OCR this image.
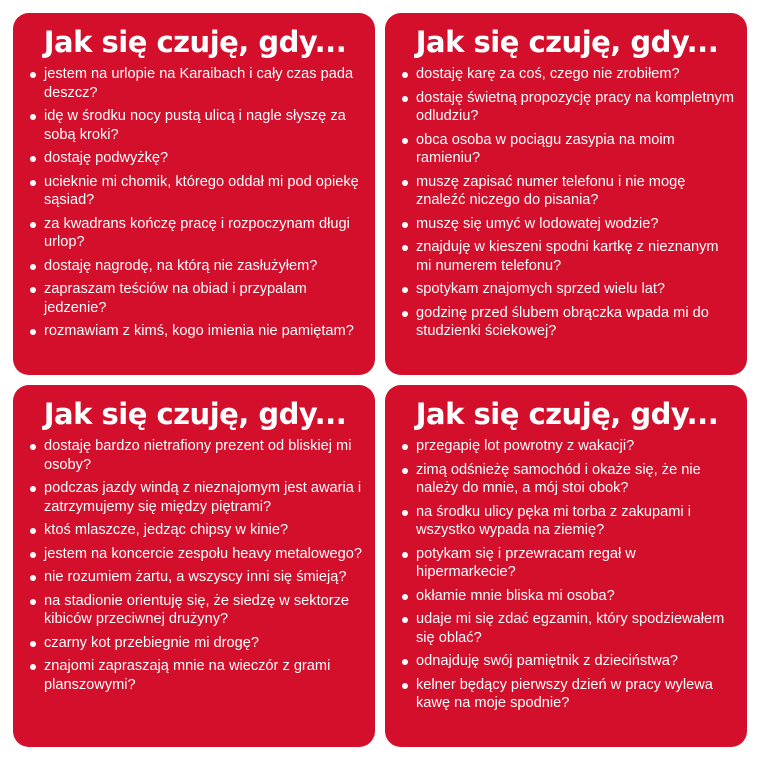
Jak się czuję, gdy...
jestem na urlopie na Karaibach i cały czas pada deszcz?
idę w środku nocy pustą ulicą i nagle słyszę za sobą kroki?
dostaję podwyżkę?
ucieknie mi chomik, którego oddał mi pod opiekę sąsiad?
za kwadrans kończę pracę i rozpoczynam długi urlop?
dostaję nagrodę, na którą nie zasłużyłem?
zapraszam teściów na obiad i przypalam jedzenie?
rozmawiam z kimś, kogo imienia nie pamiętam?
Jak się czuję, gdy...
dostaję karę za coś, czego nie zrobiłem?
dostaję świetną propozycję pracy na kompletnym odludziu?
obca osoba w pociągu zasypia na moim ramieniu?
muszę zapisać numer telefonu i nie mogę znaleźć niczego do pisania?
muszę się umyć w lodowatej wodzie?
znajduję w kieszeni spodni kartkę z nieznanym mi numerem telefonu?
spotykam znajomych sprzed wielu lat?
godzinę przed ślubem obrączka wpada mi do studzienki ściekowej?
Jak się czuję, gdy...
dostaję bardzo nietrafiony prezent od bliskiej mi osoby?
podczas jazdy windą z nieznajomym jest awaria i zatrzymujemy się między piętrami?
ktoś mlaszcze, jedząc chipsy w kinie?
jestem na koncercie zespołu heavy metalowego?
nie rozumiem żartu, a wszyscy inni się śmieją?
na stadionie orientuję się, że siedzę w sektorze kibiców przeciwnej drużyny?
czarny kot przebiegnie mi drogę?
znajomi zapraszają mnie na wieczór z grami planszowymi?
Jak się czuję, gdy...
przegapię lot powrotny z wakacji?
zimą odśnieżę samochód i okaże się, że nie należy do mnie, a mój stoi obok?
na środku ulicy pęka mi torba z zakupami i wszystko wypada na ziemię?
potykam się i przewracam regał w hipermarkecie?
okłamie mnie bliska mi osoba?
udaje mi się zdać egzamin, który spodziewałem się oblać?
odnajduję swój pamiętnik z dzieciństwa?
kelner będący pierwszy dzień w pracy wylewa kawę na moje spodnie?
